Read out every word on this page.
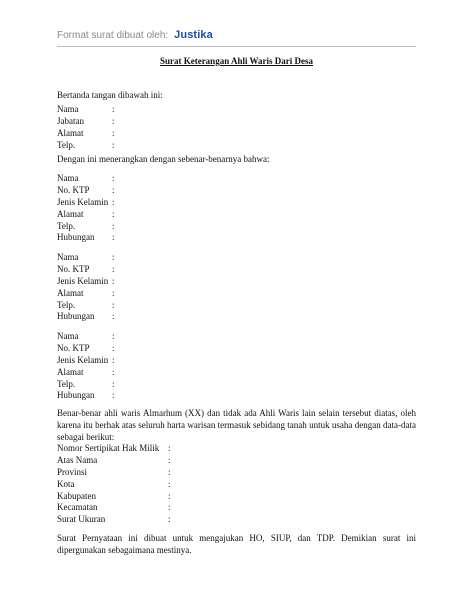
Format surat dibuat oleh: Justika
Surat Keterangan Ahli Waris Dari Desa

Bertanda tangan dibawah ini:

Nama	:
Jabatan	:
Alamat	:
Telp.	:

Dengan ini menerangkan dengan sebenar-benarnya bahwa:

Nama	:
No. KTP :
Jenis Kelamin :
Alamat	:
Telp.	:
Hubungan :
Nama	:
No. KTP :
Jenis Kelamin :
Alamat	:
Telp.	:
Hubungan :
Nama	:
No. KTP :
Jenis Kelamin :
Alamat	:
Telp.	:
Hubungan :

Benar-benar ahli waris Almarhum (XX) dan tidak ada Ahli Waris lain selain tersebut diatas, oleh karena itu berhak atas seluruh harta warisan termasuk sebidang tanah untuk usaha dengan data-data sebagai berikut:

Nomor Sertipikat Hak Milik :
Atas Nama	:
Provinsi	:
Kota	:
Kabupaten	:
Kecamatan	:
Surat Ukuran	:

Surat Pernyataan ini dibuat untuk mengajukan HO, SIUP, dan TDP. Demikian surat ini dipergunakan sebagaimana mestinya.
